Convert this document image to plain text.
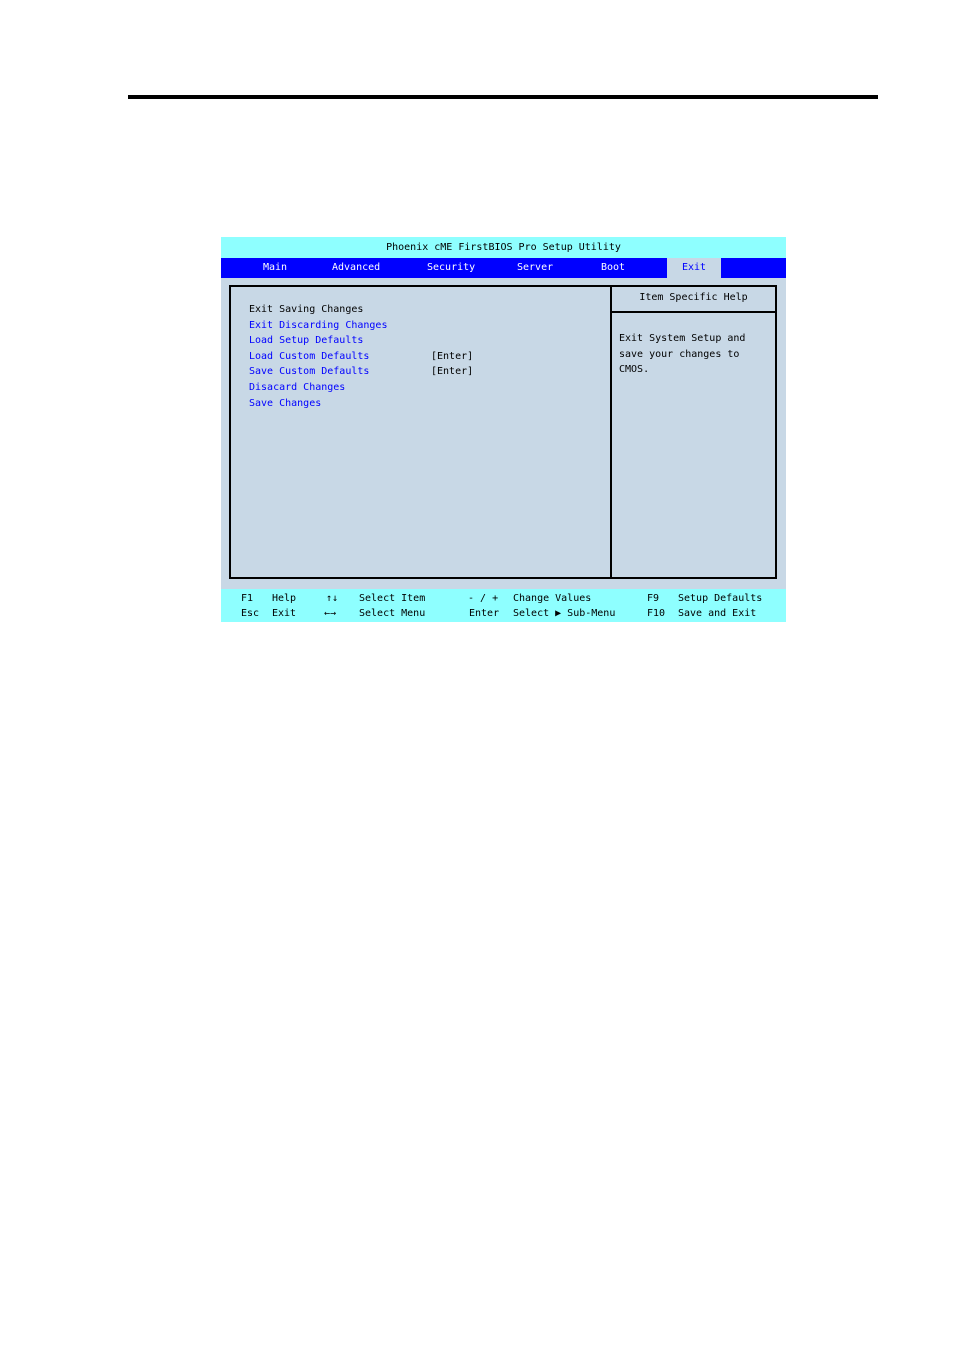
Phoenix cME FirstBIOS Pro Setup Utility
Main	Advanced	Security	Server	Boot	Exit
Exit Saving Changes
Exit Discarding Changes
Load Setup Defaults
Load Custom Defaults	[Enter]
Save Custom Defaults	[Enter]
Disacard Changes
Save Changes
Item Specific Help
Exit System Setup and
save your changes to
CMOS.
F1 Help	↑↓ Select Item	- / + Change Values	F9 Setup Defaults
Esc Exit	←→ Select Menu	Enter Select ▶ Sub-Menu	F10 Save and Exit
